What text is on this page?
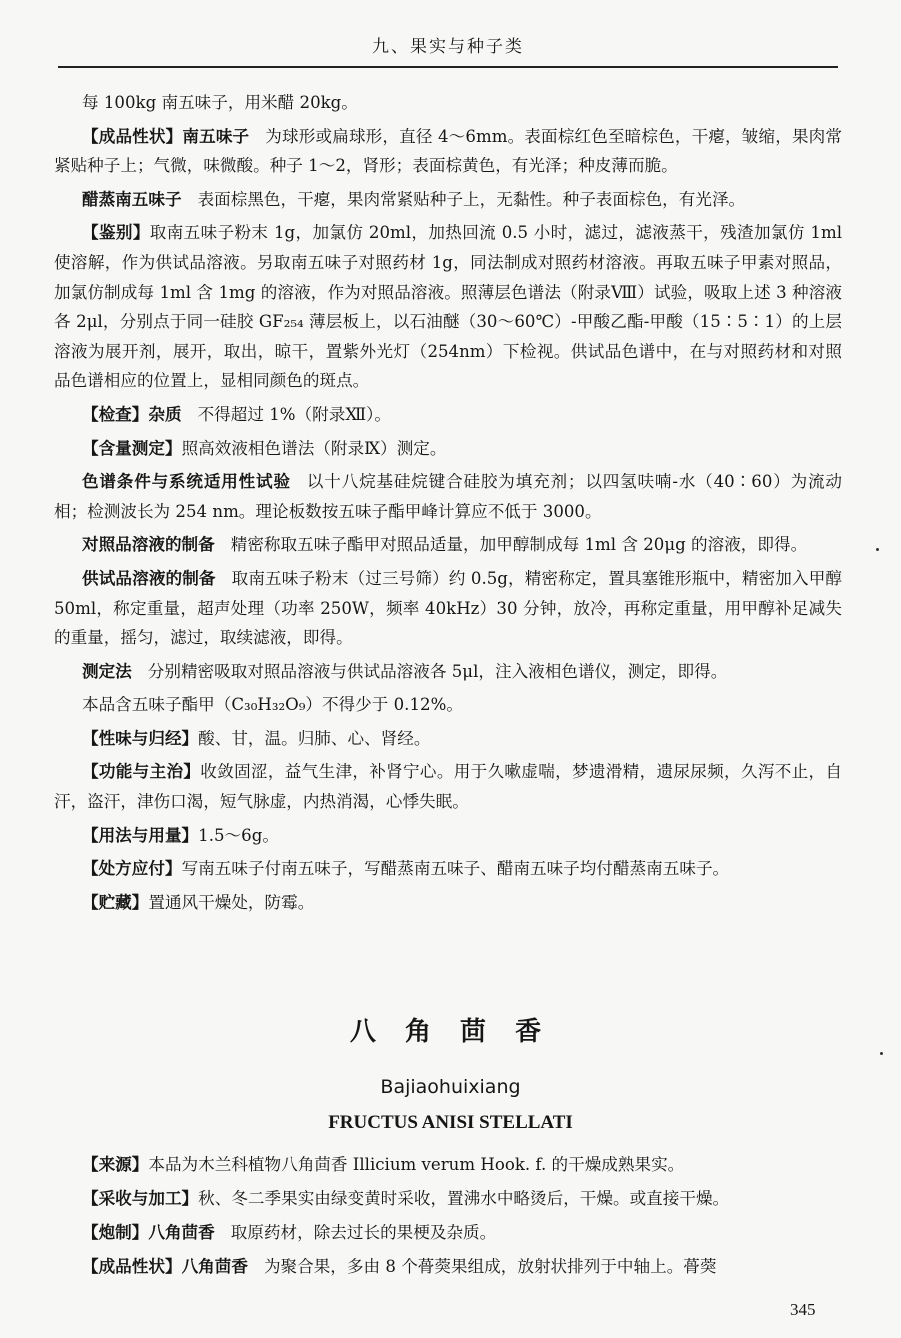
九、果实与种子类
每 100kg 南五味子，用米醋 20kg。
【成品性状】南五味子 为球形或扁球形，直径 4～6mm。表面棕红色至暗棕色，干瘪，皱缩，果肉常紧贴种子上；气微，味微酸。种子 1～2，肾形；表面棕黄色，有光泽；种皮薄而脆。
醋蒸南五味子 表面棕黑色，干瘪，果肉常紧贴种子上，无黏性。种子表面棕色，有光泽。
【鉴别】取南五味子粉末 1g，加氯仿 20ml，加热回流 0.5 小时，滤过，滤液蒸干，残渣加氯仿 1ml 使溶解，作为供试品溶液。另取南五味子对照药材 1g，同法制成对照药材溶液。再取五味子甲素对照品，加氯仿制成每 1ml 含 1mg 的溶液，作为对照品溶液。照薄层色谱法（附录Ⅷ）试验，吸取上述 3 种溶液各 2μl，分别点于同一硅胶 GF₂₅₄ 薄层板上，以石油醚（30～60℃）-甲酸乙酯-甲酸（15∶5∶1）的上层溶液为展开剂，展开，取出，晾干，置紫外光灯（254nm）下检视。供试品色谱中，在与对照药材和对照品色谱相应的位置上，显相同颜色的斑点。
【检查】杂质 不得超过 1%（附录Ⅻ）。
【含量测定】照高效液相色谱法（附录Ⅸ）测定。
色谱条件与系统适用性试验 以十八烷基硅烷键合硅胶为填充剂；以四氢呋喃-水（40∶60）为流动相；检测波长为 254 nm。理论板数按五味子酯甲峰计算应不低于 3000。
对照品溶液的制备 精密称取五味子酯甲对照品适量，加甲醇制成每 1ml 含 20μg 的溶液，即得。
供试品溶液的制备 取南五味子粉末（过三号筛）约 0.5g，精密称定，置具塞锥形瓶中，精密加入甲醇 50ml，称定重量，超声处理（功率 250W，频率 40kHz）30 分钟，放冷，再称定重量，用甲醇补足减失的重量，摇匀，滤过，取续滤液，即得。
测定法 分别精密吸取对照品溶液与供试品溶液各 5μl，注入液相色谱仪，测定，即得。
本品含五味子酯甲（C₃₀H₃₂O₉）不得少于 0.12%。
【性味与归经】酸、甘，温。归肺、心、肾经。
【功能与主治】收敛固涩，益气生津，补肾宁心。用于久嗽虚喘，梦遗滑精，遗尿尿频，久泻不止，自汗，盗汗，津伤口渴，短气脉虚，内热消渴，心悸失眠。
【用法与用量】1.5～6g。
【处方应付】写南五味子付南五味子，写醋蒸南五味子、醋南五味子均付醋蒸南五味子。
【贮藏】置通风干燥处，防霉。
八 角 茴 香
Bajiaohuixiang
FRUCTUS ANISI STELLATI
【来源】本品为木兰科植物八角茴香 Illicium verum Hook. f. 的干燥成熟果实。
【采收与加工】秋、冬二季果实由绿变黄时采收，置沸水中略烫后，干燥。或直接干燥。
【炮制】八角茴香 取原药材，除去过长的果梗及杂质。
【成品性状】八角茴香 为聚合果，多由 8 个蓇葖果组成，放射状排列于中轴上。蓇葖
345
